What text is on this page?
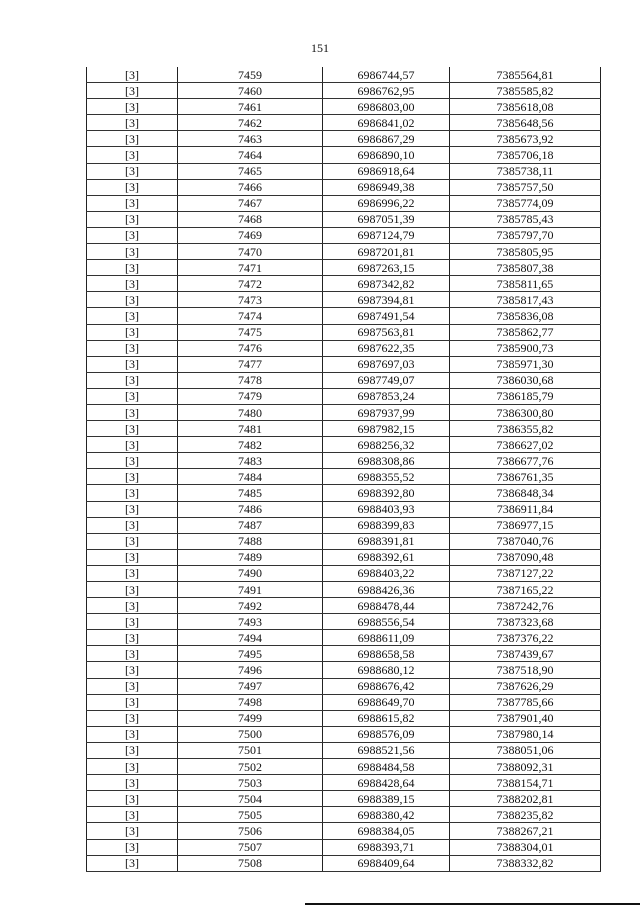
151
[3]	7459	6986744,57	7385564,81
[3]	7460	6986762,95	7385585,82
[3]	7461	6986803,00	7385618,08
[3]	7462	6986841,02	7385648,56
[3]	7463	6986867,29	7385673,92
[3]	7464	6986890,10	7385706,18
[3]	7465	6986918,64	7385738,11
[3]	7466	6986949,38	7385757,50
[3]	7467	6986996,22	7385774,09
[3]	7468	6987051,39	7385785,43
[3]	7469	6987124,79	7385797,70
[3]	7470	6987201,81	7385805,95
[3]	7471	6987263,15	7385807,38
[3]	7472	6987342,82	7385811,65
[3]	7473	6987394,81	7385817,43
[3]	7474	6987491,54	7385836,08
[3]	7475	6987563,81	7385862,77
[3]	7476	6987622,35	7385900,73
[3]	7477	6987697,03	7385971,30
[3]	7478	6987749,07	7386030,68
[3]	7479	6987853,24	7386185,79
[3]	7480	6987937,99	7386300,80
[3]	7481	6987982,15	7386355,82
[3]	7482	6988256,32	7386627,02
[3]	7483	6988308,86	7386677,76
[3]	7484	6988355,52	7386761,35
[3]	7485	6988392,80	7386848,34
[3]	7486	6988403,93	7386911,84
[3]	7487	6988399,83	7386977,15
[3]	7488	6988391,81	7387040,76
[3]	7489	6988392,61	7387090,48
[3]	7490	6988403,22	7387127,22
[3]	7491	6988426,36	7387165,22
[3]	7492	6988478,44	7387242,76
[3]	7493	6988556,54	7387323,68
[3]	7494	6988611,09	7387376,22
[3]	7495	6988658,58	7387439,67
[3]	7496	6988680,12	7387518,90
[3]	7497	6988676,42	7387626,29
[3]	7498	6988649,70	7387785,66
[3]	7499	6988615,82	7387901,40
[3]	7500	6988576,09	7387980,14
[3]	7501	6988521,56	7388051,06
[3]	7502	6988484,58	7388092,31
[3]	7503	6988428,64	7388154,71
[3]	7504	6988389,15	7388202,81
[3]	7505	6988380,42	7388235,82
[3]	7506	6988384,05	7388267,21
[3]	7507	6988393,71	7388304,01
[3]	7508	6988409,64	7388332,82
